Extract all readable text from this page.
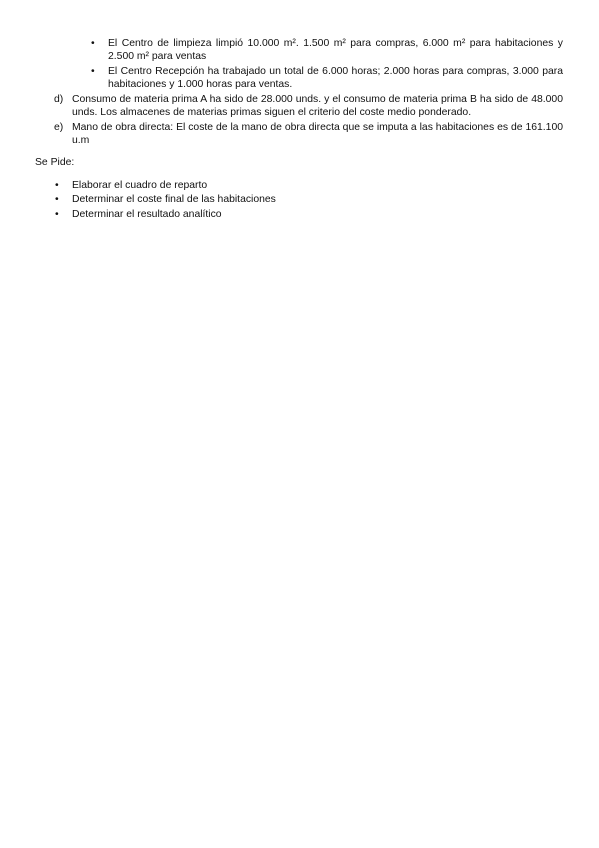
• El Centro de limpieza limpió 10.000 m². 1.500 m² para compras, 6.000 m² para habitaciones y 2.500 m² para ventas
• El Centro Recepción ha trabajado un total de 6.000 horas; 2.000 horas para compras, 3.000 para habitaciones y 1.000 horas para ventas.
d) Consumo de materia prima A ha sido de 28.000 unds. y el consumo de materia prima B ha sido de 48.000 unds. Los almacenes de materias primas siguen el criterio del coste medio ponderado.
e) Mano de obra directa: El coste de la mano de obra directa que se imputa a las habitaciones es de 161.100 u.m
Se Pide:
• Elaborar el cuadro de reparto
• Determinar el coste final de las habitaciones
• Determinar el resultado analítico
